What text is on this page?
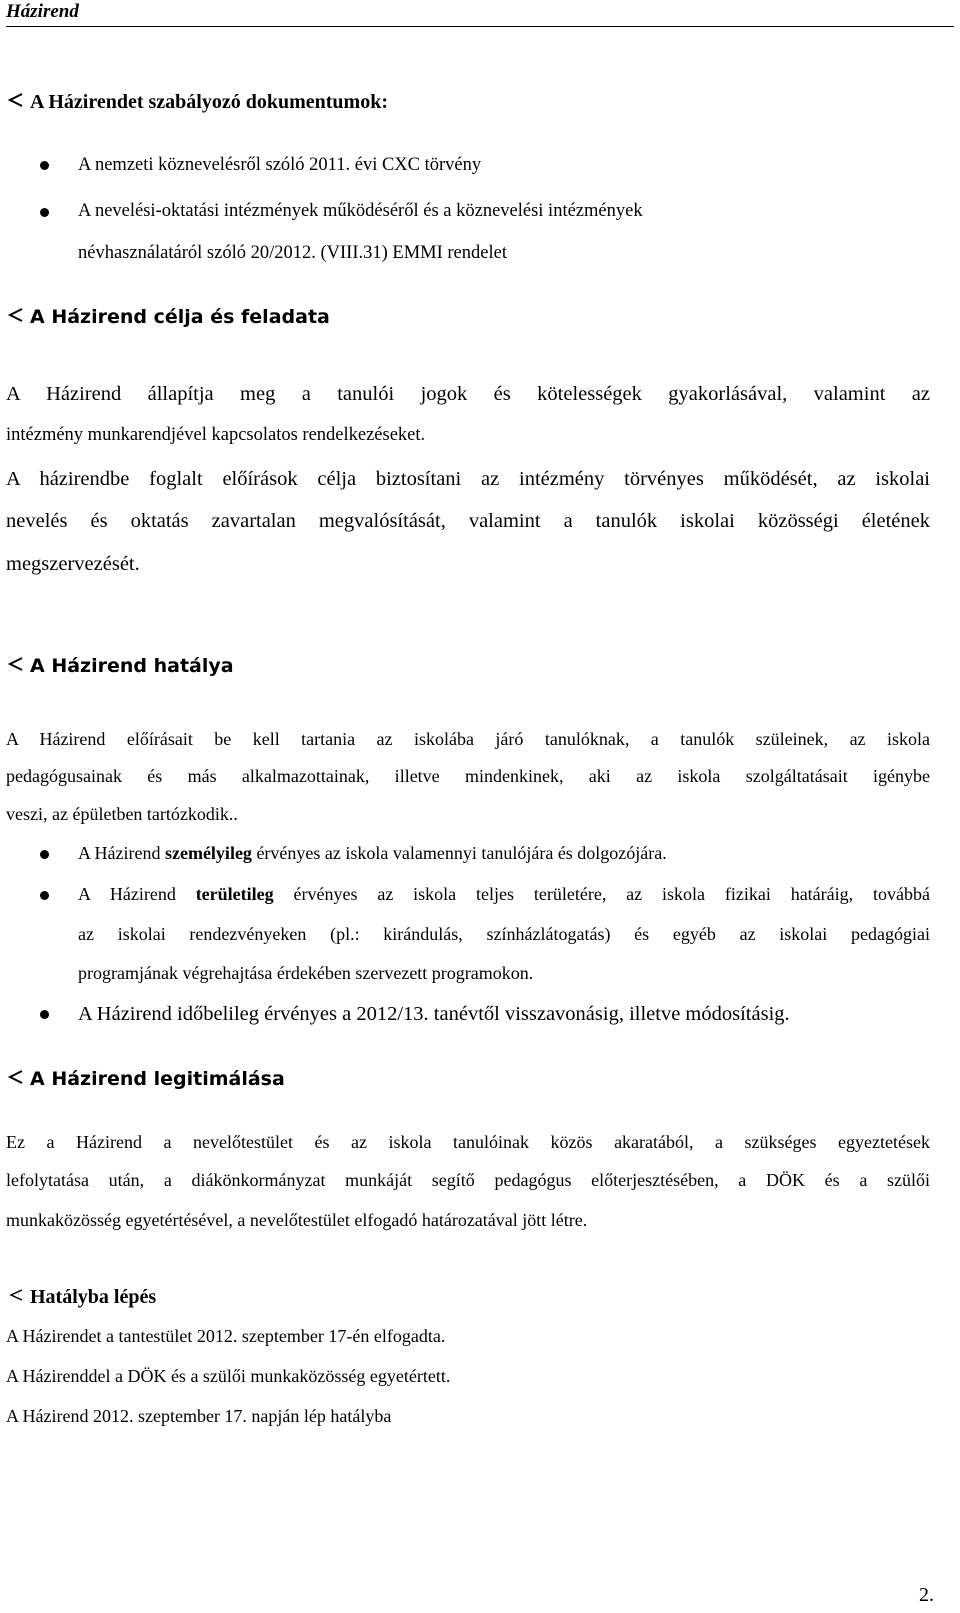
Házirend
A Házirendet szabályozó dokumentumok:
A nemzeti köznevelésről szóló 2011. évi CXC törvény
A nevelési-oktatási intézmények működéséről és a köznevelési intézmények
névhasználatáról szóló 20/2012. (VIII.31) EMMI rendelet
A Házirend célja és feladata
A Házirend állapítja meg a tanulói jogok és kötelességek gyakorlásával, valamint az
intézmény munkarendjével kapcsolatos rendelkezéseket.
A házirendbe foglalt előírások célja biztosítani az intézmény törvényes működését, az iskolai
nevelés és oktatás zavartalan megvalósítását, valamint a tanulók iskolai közösségi életének
megszervezését.
A Házirend hatálya
A Házirend előírásait be kell tartania az iskolába járó tanulóknak, a tanulók szüleinek, az iskola
pedagógusainak és más alkalmazottainak, illetve mindenkinek, aki az iskola szolgáltatásait igénybe
veszi, az épületben tartózkodik..
A Házirend személyileg érvényes az iskola valamennyi tanulójára és dolgozójára.
A Házirend területileg érvényes az iskola teljes területére, az iskola fizikai határáig, továbbá
az iskolai rendezvényeken (pl.: kirándulás, színházlátogatás) és egyéb az iskolai pedagógiai
programjának végrehajtása érdekében szervezett programokon.
A Házirend időbelileg érvényes a 2012/13. tanévtől visszavonásig, illetve módosításig.
A Házirend legitimálása
Ez a Házirend a nevelőtestület és az iskola tanulóinak közös akaratából, a szükséges egyeztetések
lefolytatása után, a diákönkormányzat munkáját segítő pedagógus előterjesztésében, a DÖK és a szülői
munkaközösség egyetértésével, a nevelőtestület elfogadó határozatával jött létre.
Hatályba lépés
A Házirendet a tantestület 2012. szeptember 17-én elfogadta.
A Házirenddel a DÖK és a szülői munkaközösség egyetértett.
A Házirend 2012. szeptember 17. napján lép hatályba
2.
